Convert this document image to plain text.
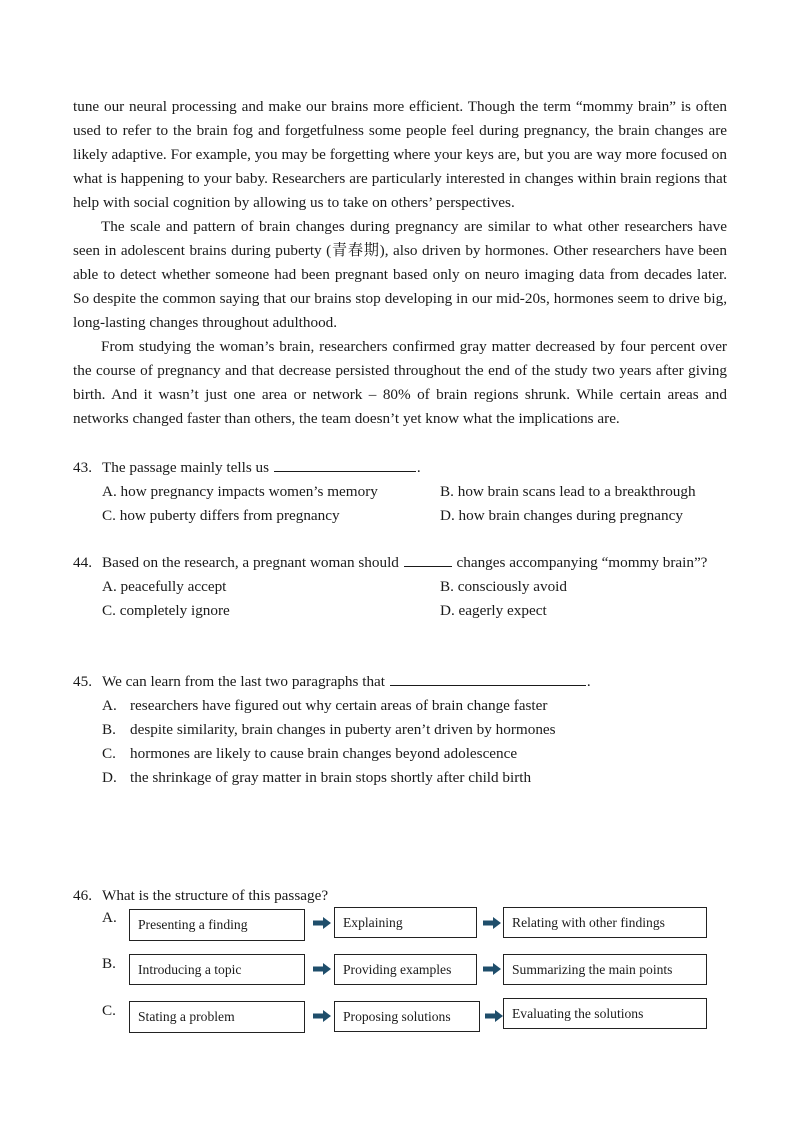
tune our neural processing and make our brains more efficient. Though the term “mommy brain” is often used to refer to the brain fog and forgetfulness some people feel during pregnancy, the brain changes are likely adaptive. For example, you may be forgetting where your keys are, but you are way more focused on what is happening to your baby. Researchers are particularly interested in changes within brain regions that help with social cognition by allowing us to take on others’ perspectives.

The scale and pattern of brain changes during pregnancy are similar to what other researchers have seen in adolescent brains during puberty (青春期), also driven by hormones. Other researchers have been able to detect whether someone had been pregnant based only on neuro imaging data from decades later. So despite the common saying that our brains stop developing in our mid-20s, hormones seem to drive big, long-lasting changes throughout adulthood.

From studying the woman’s brain, researchers confirmed gray matter decreased by four percent over the course of pregnancy and that decrease persisted throughout the end of the study two years after giving birth. And it wasn’t just one area or network – 80% of brain regions shrunk. While certain areas and networks changed faster than others, the team doesn’t yet know what the implications are.

43. The passage mainly tells us	.
A. how pregnancy impacts women’s memory	B. how brain scans lead to a breakthrough
C. how puberty differs from pregnancy	D. how brain changes during pregnancy
44. Based on the research, a pregnant woman should	changes accompanying “mommy brain”?
A. peacefully accept	B. consciously avoid
C. completely ignore	D. eagerly expect
45. We can learn from the last two paragraphs that	.
A. researchers have figured out why certain areas of brain change faster
B. despite similarity, brain changes in puberty aren’t driven by hormones
C. hormones are likely to cause brain changes beyond adolescence
D. the shrinkage of gray matter in brain stops shortly after child birth
46. What is the structure of this passage?
A.	Presenting a finding	Explaining	Relating with other findings
B.	Introducing a topic	Providing examples	Summarizing the main points
C.	Stating a problem	Proposing solutions	Evaluating the solutions
